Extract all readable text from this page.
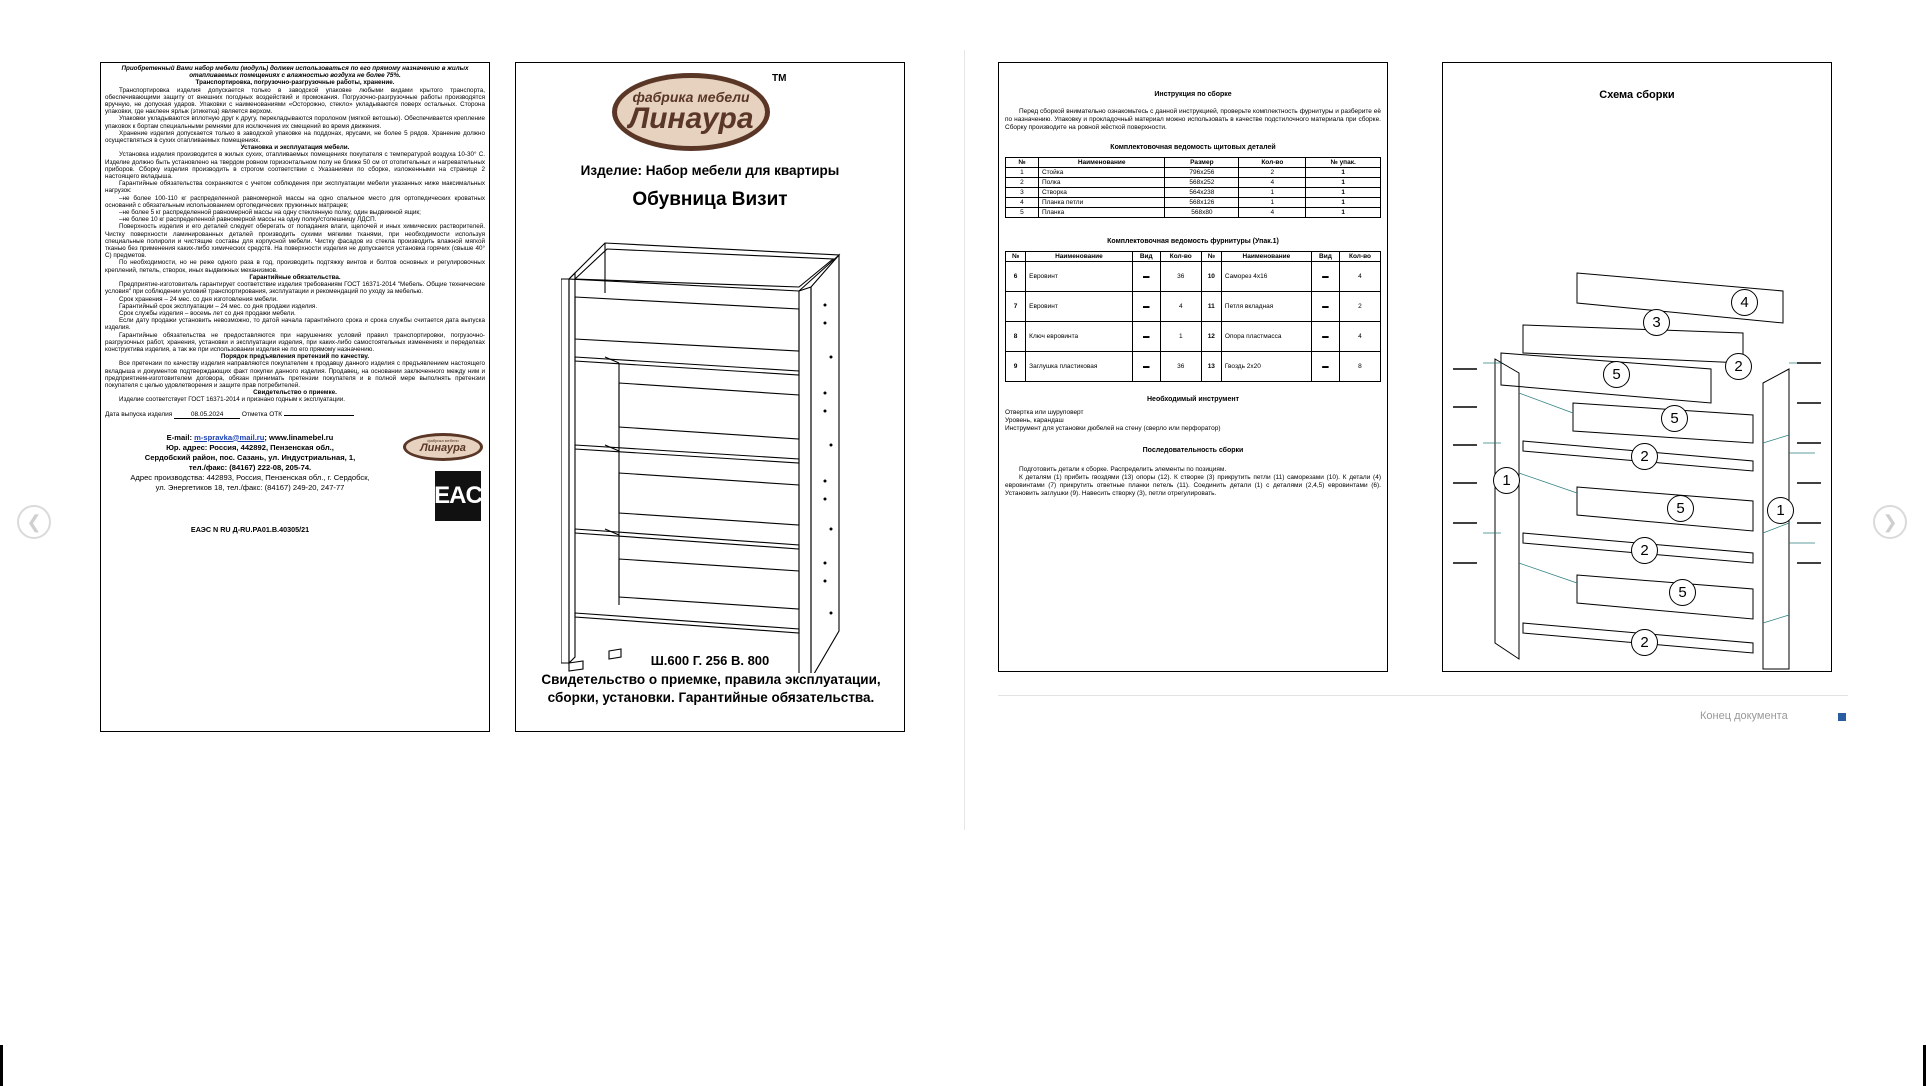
❮	❯

Приобретенный Вами набор мебели (модуль) должен использоваться по его прямому назначению в жилых отапливаемых помещениях с влажностью воздуха не более 75%.

Транспортировка, погрузочно-разгрузочные работы, хранение.

Транспортировка изделия допускается только в заводской упаковке любыми видами крытого транспорта, обеспечивающими защиту от внешних погодных воздействий и промокания. Погрузочно-разгрузочные работы производятся вручную, не допуская ударов. Упаковки с наименованиями «Осторожно, стекло» укладываются поверх остальных. Сторона упаковки, где наклеен ярлык (этикетка) является верхом.

Упаковки укладываются вплотную друг к другу, перекладываются поролоном (мягкой ветошью). Обеспечивается крепление упаковок к бортам специальными ремнями для исключения их смещений во время движения.

Хранение изделия допускается только в заводской упаковке на поддонах, ярусами, не более 5 рядов. Хранение должно осуществляться в сухих отапливаемых помещениях.

Установка и эксплуатация мебели.

Установка изделия производится в жилых сухих, отапливаемых помещениях покупателя с температурой воздуха 10-30° С. Изделие должно быть установлено на твердом ровном горизонтальном полу не ближе 50 см от отопительных и нагревательных приборов. Сборку изделия производить в строгом соответствии с Указаниями по сборке, изложенными на странице 2 настоящего вкладыша.

Гарантийные обязательства сохраняются с учетом соблюдения при эксплуатации мебели указанных ниже максимальных нагрузок:

–не более 100-110 кг распределенной равномерной массы на одно спальное место для ортопедических кроватных оснований с обязательным использованием ортопедических пружинных матрацев;

–не более 5 кг распределенной равномерной массы на одну стеклянную полку, один выдвижной ящик;

–не более 10 кг распределенной равномерной массы на одну полку/столешницу ЛДСП.

Поверхность изделия и его деталей следует оберегать от попадания влаги, щелочей и иных химических растворителей. Чистку поверхности ламинированных деталей производить сухими мягкими тканями, при необходимости используя специальные полироли и чистящие составы для корпусной мебели. Чистку фасадов из стекла производить влажной мягкой тканью без применения каких-либо химических средств. На поверхности изделия не допускается установка горячих (свыше 40° С) предметов.

По необходимости, но не реже одного раза в год, производить подтяжку винтов и болтов основных и регулировочных креплений, петель, створок, иных выдвижных механизмов.

Гарантийные обязательства.

Предприятие-изготовитель гарантирует соответствие изделия требованиям ГОСТ 16371-2014 "Мебель. Общие технические условия" при соблюдении условий транспортирования, эксплуатации и рекомендаций по уходу за мебелью.

Срок хранения – 24 мес. со дня изготовления мебели.

Гарантийный срок эксплуатации – 24 мес. со дня продажи изделия.

Срок службы изделия – восемь лет со дня продажи мебели.

Если дату продажи установить невозможно, то датой начала гарантийного срока и срока службы считается дата выпуска изделия.

Гарантийные обязательства не предоставляются при нарушениях условий правил транспортировки, погрузочно-разгрузочных работ, хранения, установки и эксплуатации изделия, при каких-либо самостоятельных изменениях и переделках конструктива изделия, а так же при использовании изделия не по его прямому назначению.

Порядок предъявления претензий по качеству.

Все претензии по качеству изделия направляются покупателем к продавцу данного изделия с предъявлением настоящего вкладыша и документов подтверждающих факт покупки данного изделия. Продавец, на основании заключенного между ним и предприятием-изготовителем договора, обязан принимать претензии покупателя и в полной мере выполнять претензии покупателя с целью удовлетворения и защите прав потребителей.

Свидетельство о приемке.

Изделие соответствует ГОСТ 16371-2014 и признано годным к эксплуатации.

Дата выпуска изделия	08.05.2024	Отметка ОТК
E-mail: m-spravka@mail.ru; www.linamebel.ru
Юр. адрес: Россия, 442892, Пензенская обл.,
Сердобский район, пос. Сазань, ул. Индустриальная, 1,
тел./факс: (84167) 222-08, 205-74.
Адрес производства: 442893, Россия, Пензенская обл., г. Сердобск,
ул. Энергетиков 18, тел./факс: (84167) 249-20, 247-77
фабрика мебели
Линаура
EAC
ЕАЭС N RU Д-RU.PA01.B.40305/21
фабрика мебели
Линаура
ТМ
Изделие: Набор мебели для квартиры
Обувница Визит
Ш.600 Г. 256 В. 800
Свидетельство о приемке, правила эксплуатации, сборки, установки. Гарантийные обязательства.
Инструкция по сборке
Перед сборкой внимательно ознакомьтесь с данной инструкцией, проверьте комплектность фурнитуры и разберите её по назначению. Упаковку и прокладочный материал можно использовать в качестве подстилочного материала при сборке. Сборку производите на ровной жёсткой поверхности.
Комплектовочная ведомость щитовых деталей
№	Наименование	Размер	Кол-во	№ упак.
1	Стойка	796x256	2	1
2	Полка	568x252	4	1
3	Створка	564x238	1	1
4	Планка петли	568x126	1	1
5	Планка	568x80	4	1
Комплектовочная ведомость фурнитуры (Упак.1)
№	Наименование	Вид	Кол-во	№	Наименование	Вид	Кол-во
6	Евровинт	▬	36	10	Саморез 4x16	▬	4
7	Евровинт	▬	4	11	Петля вкладная	▬	2
8	Ключ евровинта	▬	1	12	Опора пластмасса	▬	4
9	Заглушка пластиковая	▬	36	13	Гвоздь 2x20	▬	8
Необходимый инструмент
Отвертка или шуруповерт
Уровень, карандаш
Инструмент для установки дюбелей на стену (сверло или перфоратор)
Последовательность сборки
Подготовить детали к сборке. Распределить элементы по позициям.
К деталям (1) прибить гвоздями (13) опоры (12). К створке (3) прикрутить петли (11) саморезами (10). К детали (4) евровинтами (7) прикрутить ответные планки петель (11). Соединить детали (1) с деталями (2,4,5) евровинтами (6). Установить заглушки (9). Навесить створку (3), петли отрегулировать.
Схема сборки
4
3
5	2
5
1
2
5	1
2
5
2
Конец документа
